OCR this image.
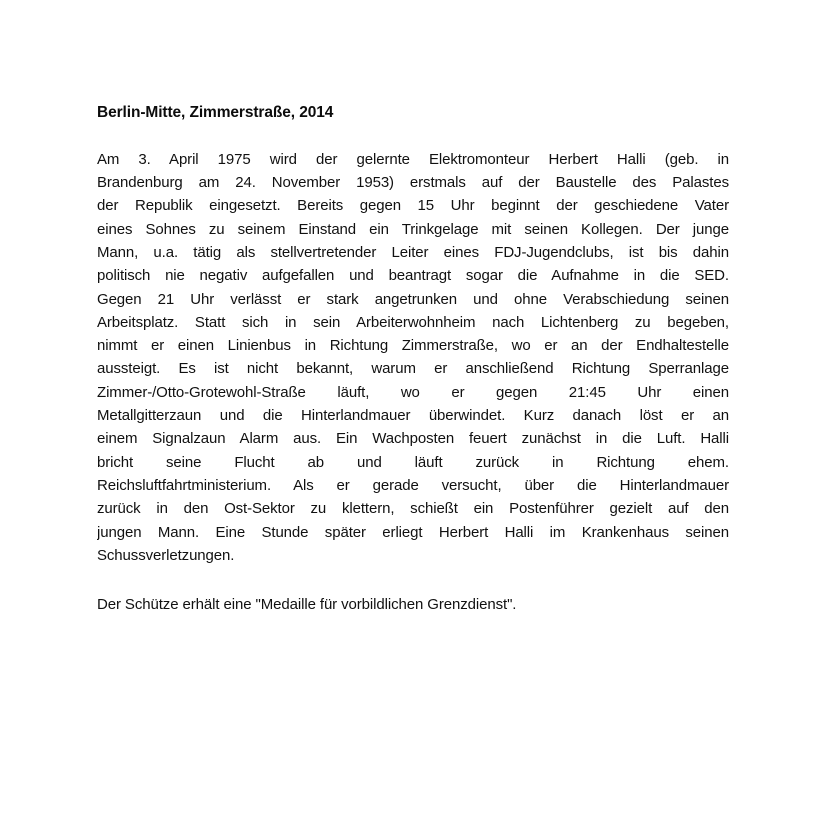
Berlin-Mitte, Zimmerstraße, 2014
Am 3. April 1975 wird der gelernte Elektromonteur Herbert Halli (geb. in
Brandenburg am 24. November 1953) erstmals auf der Baustelle des Palastes
der Republik eingesetzt. Bereits gegen 15 Uhr beginnt der geschiedene Vater
eines Sohnes zu seinem Einstand ein Trinkgelage mit seinen Kollegen. Der junge
Mann, u.a. tätig als stellvertretender Leiter eines FDJ-Jugendclubs, ist bis dahin
politisch nie negativ aufgefallen und beantragt sogar die Aufnahme in die SED.
Gegen 21 Uhr verlässt er stark angetrunken und ohne Verabschiedung seinen
Arbeitsplatz. Statt sich in sein Arbeiterwohnheim nach Lichtenberg zu begeben,
nimmt er einen Linienbus in Richtung Zimmerstraße, wo er an der Endhaltestelle
aussteigt. Es ist nicht bekannt, warum er anschließend Richtung Sperranlage
Zimmer-/Otto-Grotewohl-Straße läuft, wo er gegen 21:45 Uhr einen
Metallgitterzaun und die Hinterlandmauer überwindet. Kurz danach löst er an
einem Signalzaun Alarm aus. Ein Wachposten feuert zunächst in die Luft. Halli
bricht seine Flucht ab und läuft zurück in Richtung ehem.
Reichsluftfahrtministerium. Als er gerade versucht, über die Hinterlandmauer
zurück in den Ost-Sektor zu klettern, schießt ein Postenführer gezielt auf den
jungen Mann. Eine Stunde später erliegt Herbert Halli im Krankenhaus seinen
Schussverletzungen.

Der Schütze erhält eine "Medaille für vorbildlichen Grenzdienst".
